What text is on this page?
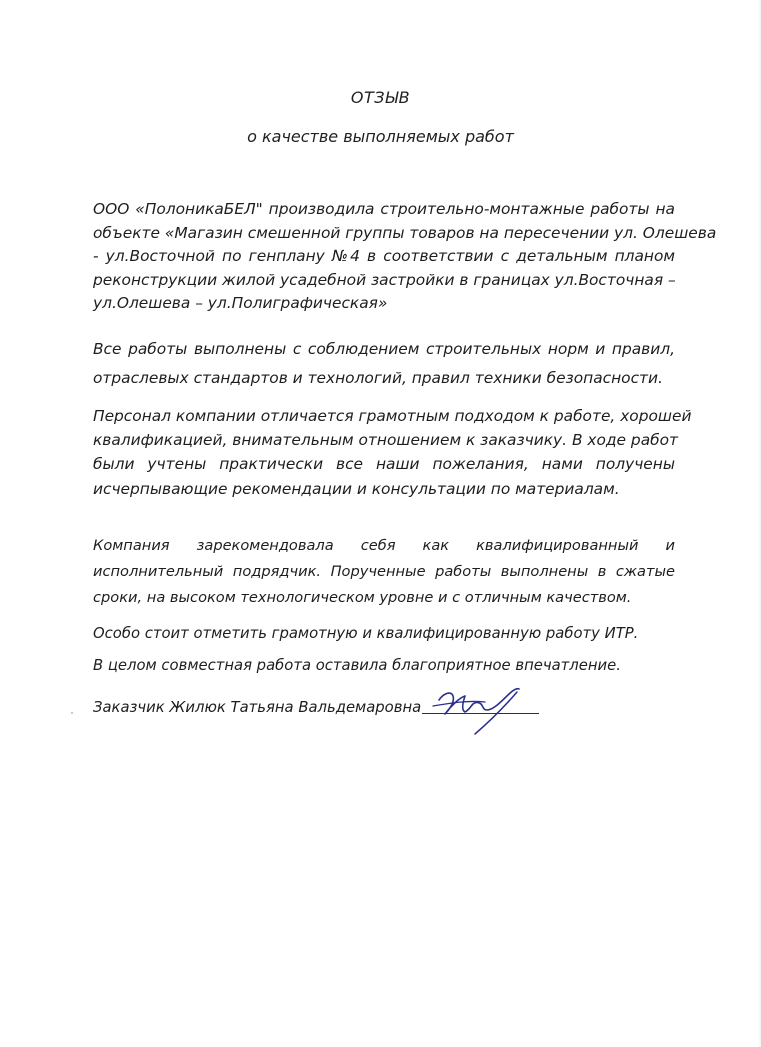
ОТЗЫВ
о качестве выполняемых работ
ООО «ПолоникаБЕЛ" производила строительно-монтажные работы на
объекте «Магазин смешенной группы товаров на пересечении ул. Олешева
- ул.Восточной по генплану №4 в соответствии с детальным планом
реконструкции жилой усадебной застройки в границах ул.Восточная –
ул.Олешева – ул.Полиграфическая»
Все работы выполнены с соблюдением строительных норм и правил,
отраслевых стандартов и технологий, правил техники безопасности.
Персонал компании отличается грамотным подходом к работе, хорошей
квалификацией, внимательным отношением к заказчику. В ходе работ
были учтены практически все наши пожелания, нами получены
исчерпывающие рекомендации и консультации по материалам.
Компания зарекомендовала себя как квалифицированный и
исполнительный подрядчик. Порученные работы выполнены в сжатые
сроки, на высоком технологическом уровне и с отличным качеством.
Особо стоит отметить грамотную и квалифицированную работу ИТР.
В целом совместная работа оставила благоприятное впечатление.
Заказчик Жилюк Татьяна Вальдемаровна
